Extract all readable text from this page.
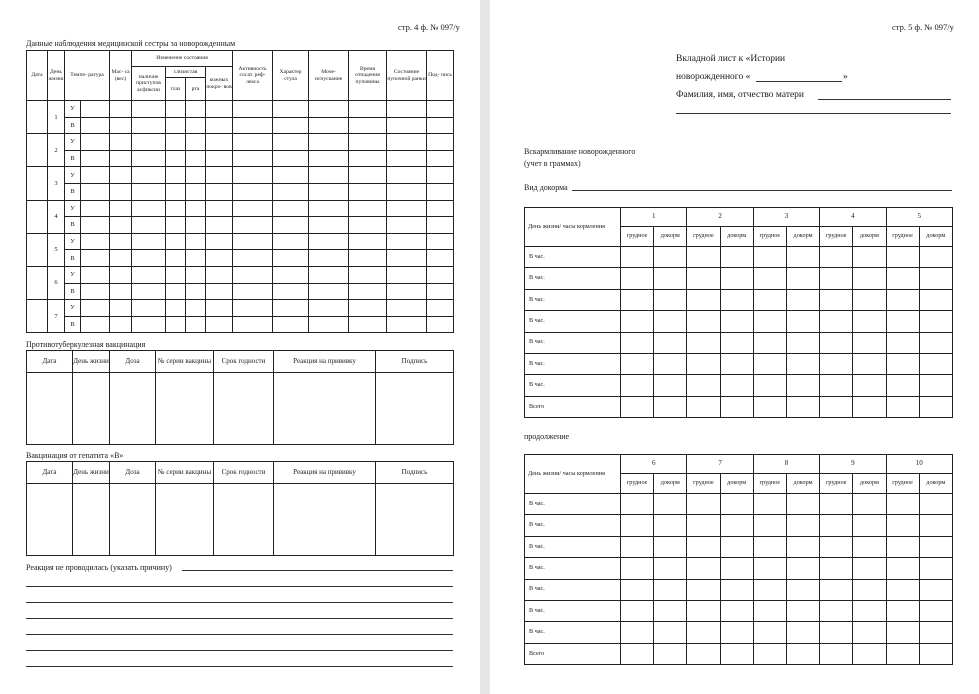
стр. 4 ф. № 097/у
Данные наблюдения медицинской сестры за новорожденным
Дата	День жизни	Темпе- ратура		Мас- са (вес)	Изменение состояния				Активность сосат. реф- лекса	Характер стула	Моче- испускание	Время отпадения пуповины	Состояние пупочной ранки	Под- пись
					наличие приступов асфиксии	слизистая		кожных покро- вов						
						глаз	рта							
	1	У												
		В												
	2	У												
		В												
	3	У												
		В												
	4	У												
		В												
	5	У												
		В												
	6	У												
		В												
	7	У												
		В												
Противотуберкулезная вакцинация
Дата	День жизни	Доза	№ серии вакцины	Срок годности	Реакция на прививку	Подпись

Вакцинация от гепатита «В»
Дата	День жизни	Доза	№ серии вакцины	Срок годности	Реакция на прививку	Подпись

Реакция не проводилась (указать причину)
стр. 5 ф. № 097/у
Вкладной лист к «Истории
новорожденного «	»
Фамилия, имя, отчество матери
Вскармливание новорожденного
(учет в граммах)
Вид докорма
День жизни/ часы кормления	1		2		3		4		5	
	грудное	докорм	грудное	докорм	грудное	докорм	грудное	докорм	грудное	докорм
В час.										
В час.										
В час.										
В час.										
В час.										
В час.										
В час.										
Всего										
продолжение
День жизни/ часы кормления	6		7		8		9		10	
	грудное	докорм	грудное	докорм	грудное	докорм	грудное	докорм	грудное	докорм
В час.										
В час.										
В час.										
В час.										
В час.										
В час.										
В час.										
Всего										
